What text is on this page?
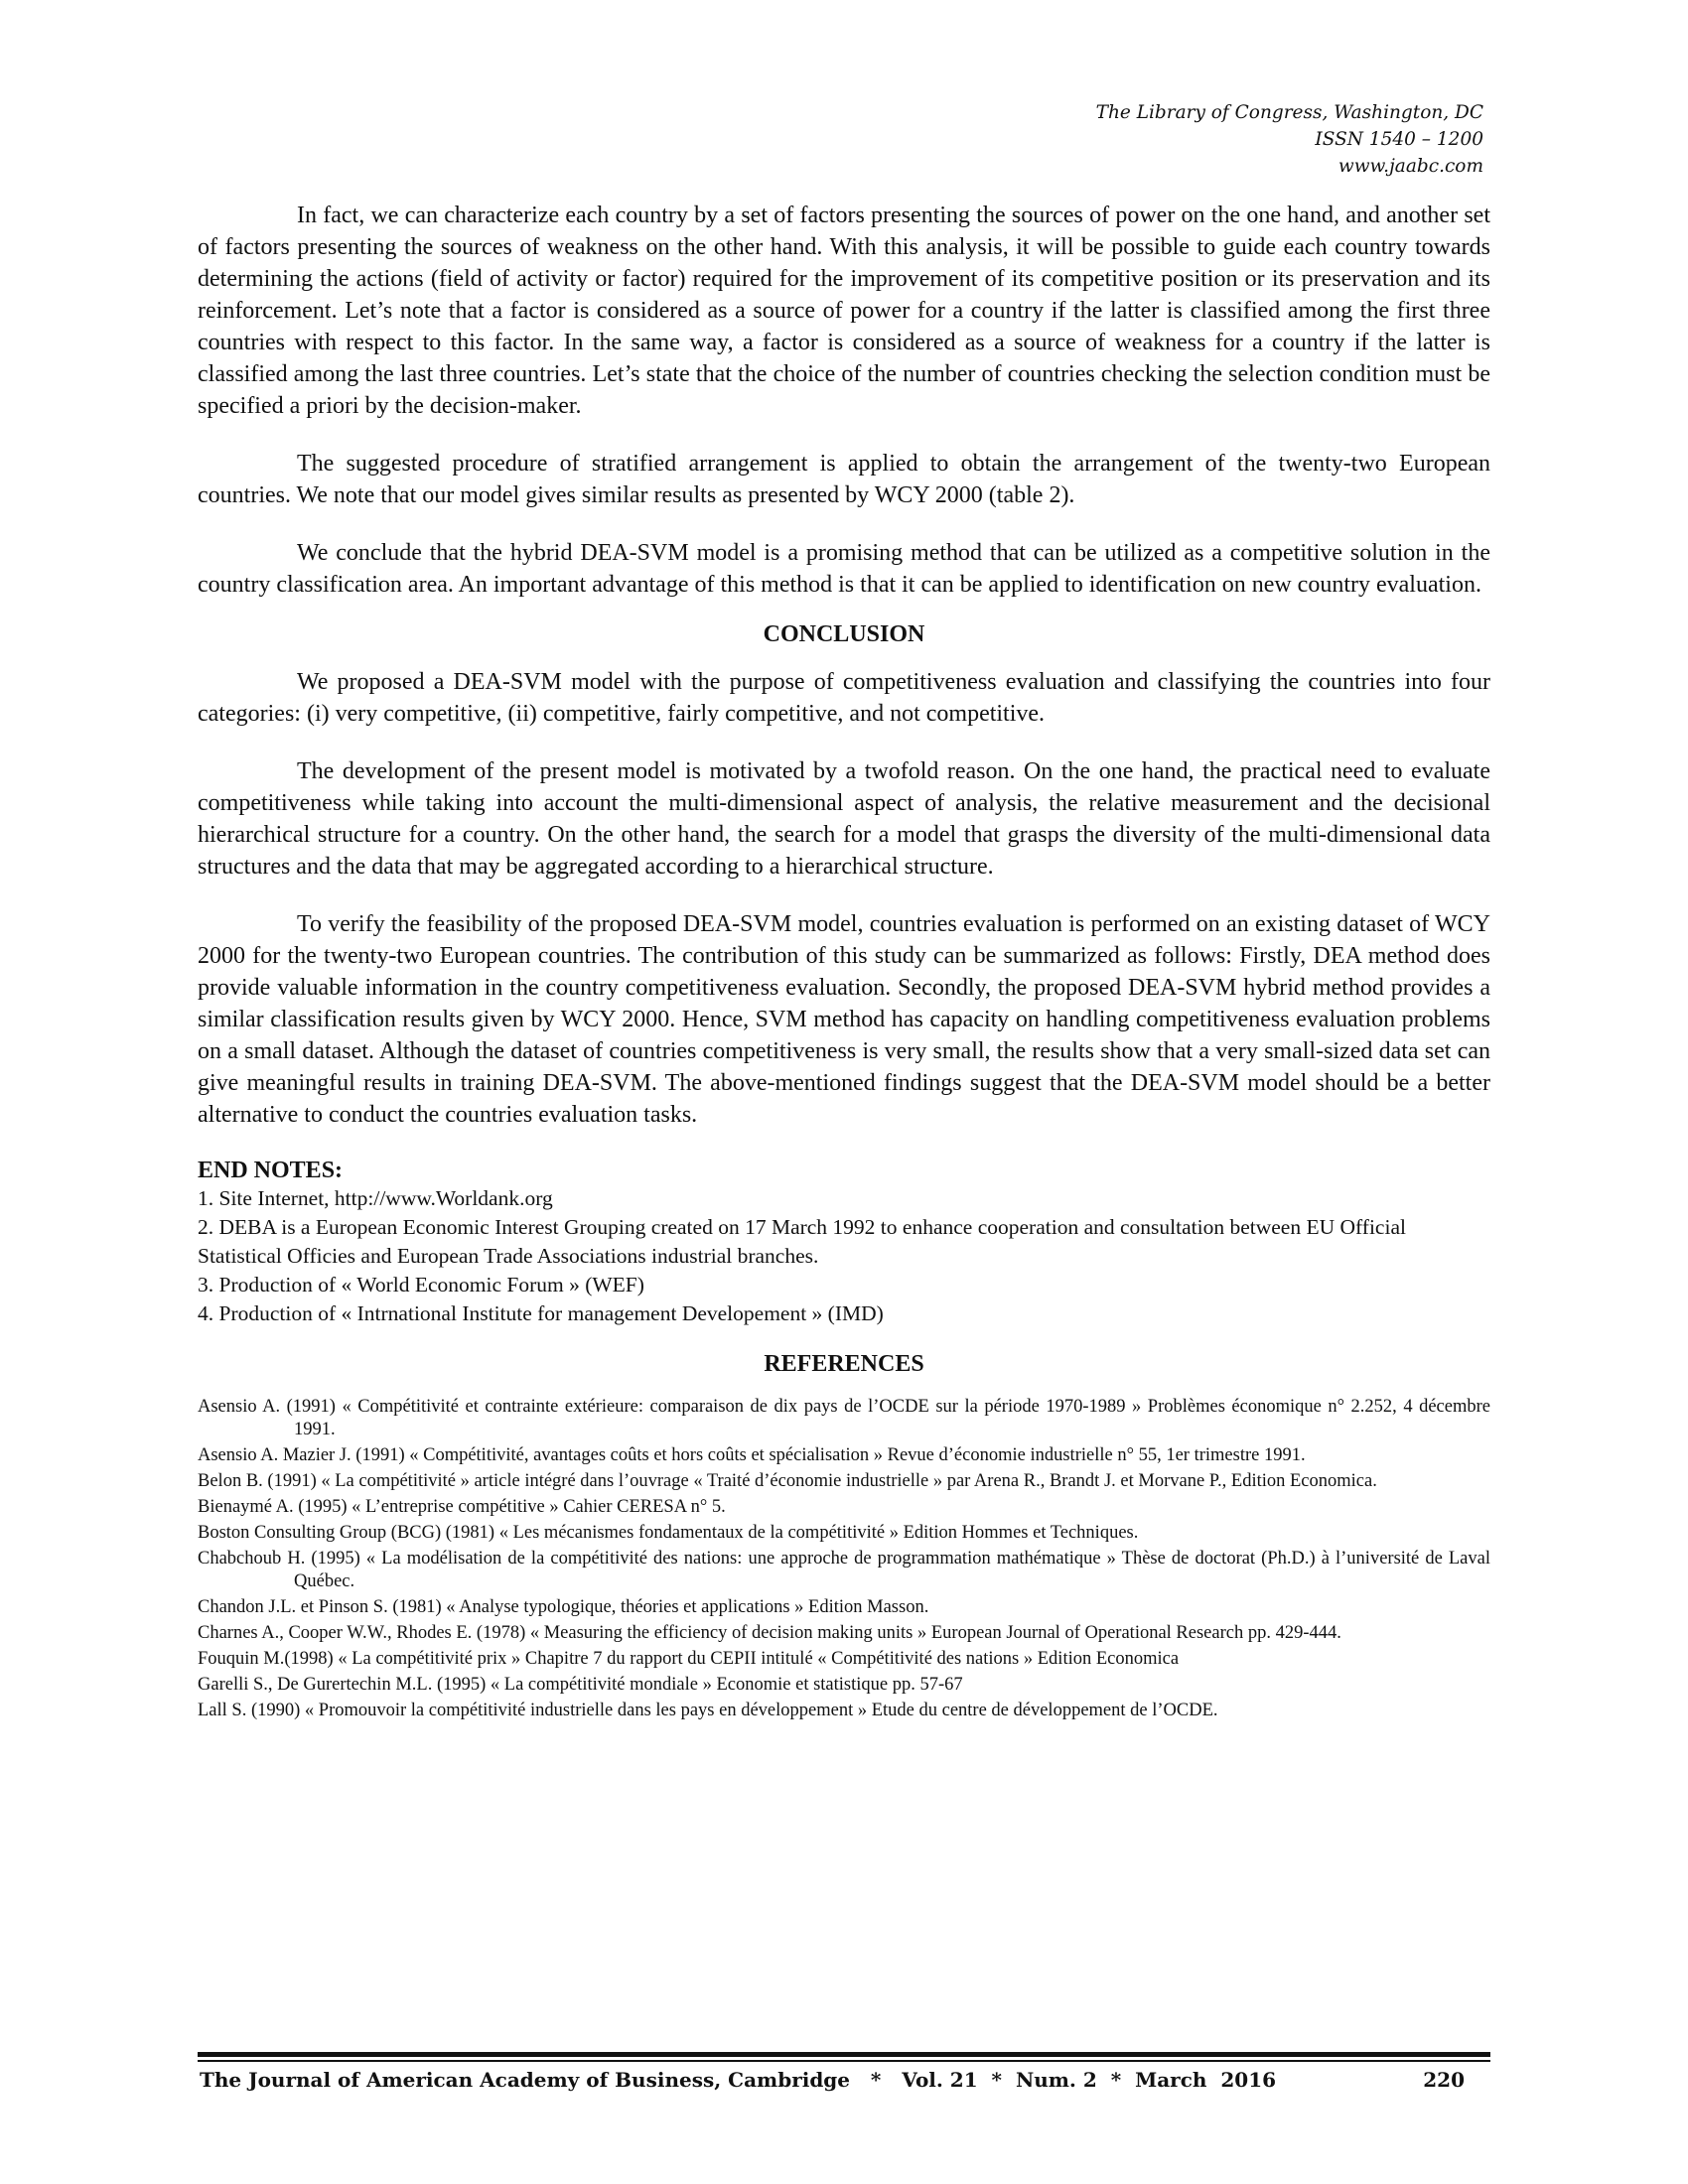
The Library of Congress, Washington, DC
ISSN 1540 – 1200
www.jaabc.com

In fact, we can characterize each country by a set of factors presenting the sources of power on the one hand, and another set of factors presenting the sources of weakness on the other hand. With this analysis, it will be possible to guide each country towards determining the actions (field of activity or factor) required for the improvement of its competitive position or its preservation and its reinforcement. Let’s note that a factor is considered as a source of power for a country if the latter is classified among the first three countries with respect to this factor. In the same way, a factor is considered as a source of weakness for a country if the latter is classified among the last three countries. Let’s state that the choice of the number of countries checking the selection condition must be specified a priori by the decision-maker.

The suggested procedure of stratified arrangement is applied to obtain the arrangement of the twenty-two European countries. We note that our model gives similar results as presented by WCY 2000 (table 2).

We conclude that the hybrid DEA-SVM model is a promising method that can be utilized as a competitive solution in the country classification area. An important advantage of this method is that it can be applied to identification on new country evaluation.

CONCLUSION

We proposed a DEA-SVM model with the purpose of competitiveness evaluation and classifying the countries into four categories: (i) very competitive, (ii) competitive, fairly competitive, and not competitive.

The development of the present model is motivated by a twofold reason. On the one hand, the practical need to evaluate competitiveness while taking into account the multi-dimensional aspect of analysis, the relative measurement and the decisional hierarchical structure for a country. On the other hand, the search for a model that grasps the diversity of the multi-dimensional data structures and the data that may be aggregated according to a hierarchical structure.

To verify the feasibility of the proposed DEA-SVM model, countries evaluation is performed on an existing dataset of WCY 2000 for the twenty-two European countries. The contribution of this study can be summarized as follows: Firstly, DEA method does provide valuable information in the country competitiveness evaluation. Secondly, the proposed DEA-SVM hybrid method provides a similar classification results given by WCY 2000. Hence, SVM method has capacity on handling competitiveness evaluation problems on a small dataset. Although the dataset of countries competitiveness is very small, the results show that a very small-sized data set can give meaningful results in training DEA-SVM. The above-mentioned findings suggest that the DEA-SVM model should be a better alternative to conduct the countries evaluation tasks.

END NOTES:

1. Site Internet, http://www.Worldank.org

2. DEBA is a European Economic Interest Grouping created on 17 March 1992 to enhance cooperation and consultation between EU Official Statistical Officies and European Trade Associations industrial branches.

3. Production of « World Economic Forum » (WEF)

4. Production of « Intrnational Institute for management Developement » (IMD)

REFERENCES

Asensio A. (1991) « Compétitivité et contrainte extérieure: comparaison de dix pays de l’OCDE sur la période 1970-1989 » Problèmes économique n° 2.252, 4 décembre 1991.

Asensio A. Mazier J. (1991) « Compétitivité, avantages coûts et hors coûts et spécialisation » Revue d’économie industrielle n° 55, 1er trimestre 1991.

Belon B. (1991) « La compétitivité » article intégré dans l’ouvrage « Traité d’économie industrielle » par Arena R., Brandt J. et Morvane P., Edition Economica.

Bienaymé A. (1995) « L’entreprise compétitive » Cahier CERESA n° 5.

Boston Consulting Group (BCG) (1981) « Les mécanismes fondamentaux de la compétitivité » Edition Hommes et Techniques.

Chabchoub H. (1995) « La modélisation de la compétitivité des nations: une approche de programmation mathématique » Thèse de doctorat (Ph.D.) à l’université de Laval Québec.

Chandon J.L. et Pinson S. (1981) « Analyse typologique, théories et applications » Edition Masson.

Charnes A., Cooper W.W., Rhodes E. (1978) « Measuring the efficiency of decision making units » European Journal of Operational Research pp. 429-444.

Fouquin M.(1998) « La compétitivité prix » Chapitre 7 du rapport du CEPII intitulé « Compétitivité des nations » Edition Economica

Garelli S., De Gurertechin M.L. (1995) « La compétitivité mondiale » Economie et statistique pp. 57-67

Lall S. (1990) « Promouvoir la compétitivité industrielle dans les pays en développement » Etude du centre de développement de l’OCDE.

The Journal of American Academy of Business, Cambridge   *   Vol. 21  *  Num. 2  *  March  2016	220
